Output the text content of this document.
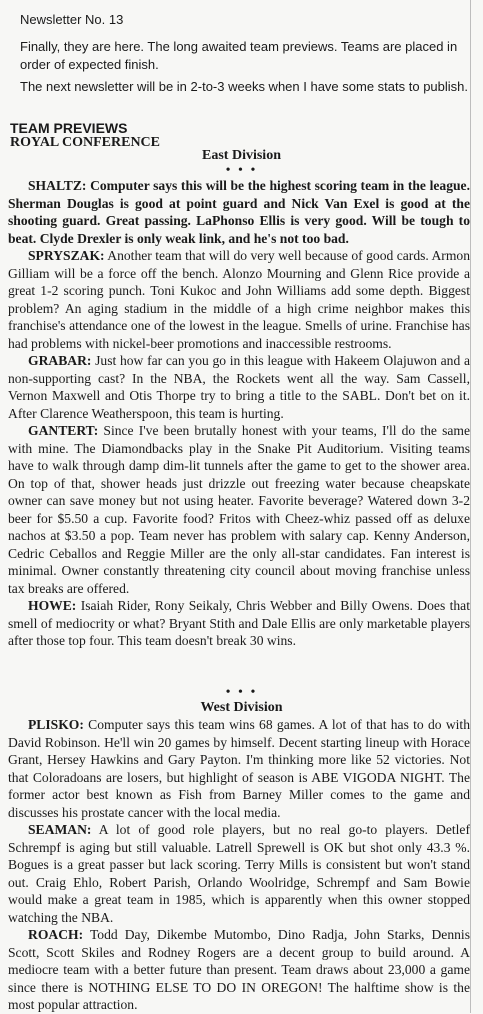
Newsletter No. 13

Finally, they are here. The long awaited team previews. Teams are placed in order of expected finish.

The next newsletter will be in 2-to-3 weeks when I have some stats to publish.

TEAM PREVIEWS
ROYAL CONFERENCE
East Division
• • •

SHALTZ: Computer says this will be the highest scoring team in the league. Sherman Douglas is good at point guard and Nick Van Exel is good at the shooting guard. Great passing. LaPhonso Ellis is very good. Will be tough to beat. Clyde Drexler is only weak link, and he's not too bad.

SPRYSZAK: Another team that will do very well because of good cards. Armon Gilliam will be a force off the bench. Alonzo Mourning and Glenn Rice provide a great 1-2 scoring punch. Toni Kukoc and John Williams add some depth. Biggest problem? An aging stadium in the middle of a high crime neighbor makes this franchise's attendance one of the lowest in the league. Smells of urine. Franchise has had problems with nickel-beer promotions and inaccessible restrooms.

GRABAR: Just how far can you go in this league with Hakeem Olajuwon and a non-supporting cast? In the NBA, the Rockets went all the way. Sam Cassell, Vernon Maxwell and Otis Thorpe try to bring a title to the SABL. Don't bet on it. After Clarence Weatherspoon, this team is hurting.

GANTERT: Since I've been brutally honest with your teams, I'll do the same with mine. The Diamondbacks play in the Snake Pit Auditorium. Visiting teams have to walk through damp dim-lit tunnels after the game to get to the shower area. On top of that, shower heads just drizzle out freezing water because cheapskate owner can save money but not using heater. Favorite beverage? Watered down 3-2 beer for $5.50 a cup. Favorite food? Fritos with Cheez-whiz passed off as deluxe nachos at $3.50 a pop. Team never has problem with salary cap. Kenny Anderson, Cedric Ceballos and Reggie Miller are the only all-star candidates. Fan interest is minimal. Owner constantly threatening city council about moving franchise unless tax breaks are offered.

HOWE: Isaiah Rider, Rony Seikaly, Chris Webber and Billy Owens. Does that smell of mediocrity or what? Bryant Stith and Dale Ellis are only marketable players after those top four. This team doesn't break 30 wins.

• • •
West Division

PLISKO: Computer says this team wins 68 games. A lot of that has to do with David Robinson. He'll win 20 games by himself. Decent starting lineup with Horace Grant, Hersey Hawkins and Gary Payton. I'm thinking more like 52 victories. Not that Coloradoans are losers, but highlight of season is ABE VIGODA NIGHT. The former actor best known as Fish from Barney Miller comes to the game and discusses his prostate cancer with the local media.

SEAMAN: A lot of good role players, but no real go-to players. Detlef Schrempf is aging but still valuable. Latrell Sprewell is OK but shot only 43.3 %. Bogues is a great passer but lack scoring. Terry Mills is consistent but won't stand out. Craig Ehlo, Robert Parish, Orlando Woolridge, Schrempf and Sam Bowie would make a great team in 1985, which is apparently when this owner stopped watching the NBA.

ROACH: Todd Day, Dikembe Mutombo, Dino Radja, John Starks, Dennis Scott, Scott Skiles and Rodney Rogers are a decent group to build around. A mediocre team with a better future than present. Team draws about 23,000 a game since there is NOTHING ELSE TO DO IN OREGON! The halftime show is the most popular attraction.
